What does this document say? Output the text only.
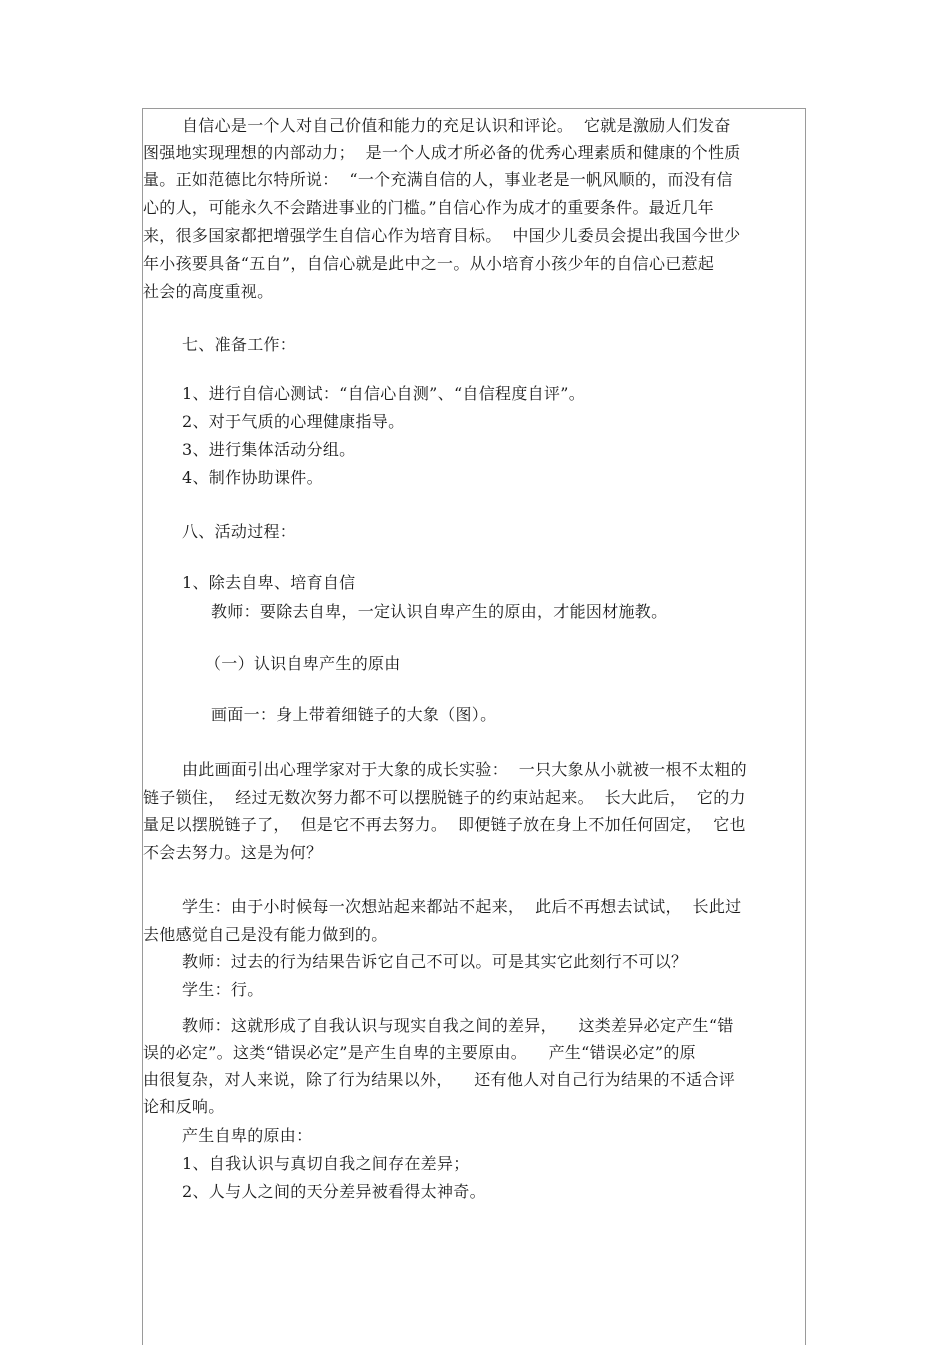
自信心是一个人对自己价值和能力的充足认识和评论。  它就是激励人们发奋
图强地实现理想的内部动力；  是一个人成才所必备的优秀心理素质和健康的个性质
量。正如范德比尔特所说：  “一个充满自信的人，事业老是一帆风顺的，而没有信
心的人，可能永久不会踏进事业的门槛。”自信心作为成才的重要条件。最近几年
来，很多国家都把增强学生自信心作为培育目标。  中国少儿委员会提出我国今世少
年小孩要具备“五自”，自信心就是此中之一。从小培育小孩少年的自信心已惹起
社会的高度重视。
七、准备工作：
1、进行自信心测试：“自信心自测”、“自信程度自评”。
2、对于气质的心理健康指导。
3、进行集体活动分组。
4、制作协助课件。
八、活动过程：
1、除去自卑、培育自信
教师：要除去自卑，一定认识自卑产生的原由，才能因材施教。
（一）认识自卑产生的原由
画面一：身上带着细链子的大象（图）。
由此画面引出心理学家对于大象的成长实验：  一只大象从小就被一根不太粗的
链子锁住，  经过无数次努力都不可以摆脱链子的约束站起来。  长大此后，  它的力
量足以摆脱链子了，  但是它不再去努力。  即便链子放在身上不加任何固定，  它也
不会去努力。这是为何？
学生：由于小时候每一次想站起来都站不起来，  此后不再想去试试，  长此过
去他感觉自己是没有能力做到的。
教师：过去的行为结果告诉它自己不可以。可是其实它此刻行不可以？
学生：行。
教师：这就形成了自我认识与现实自我之间的差异，    这类差异必定产生“错
误的必定”。这类“错误必定”是产生自卑的主要原由。    产生“错误必定”的原
由很复杂，对人来说，除了行为结果以外，    还有他人对自己行为结果的不适合评
论和反响。
产生自卑的原由：
1、自我认识与真切自我之间存在差异；
2、人与人之间的天分差异被看得太神奇。
